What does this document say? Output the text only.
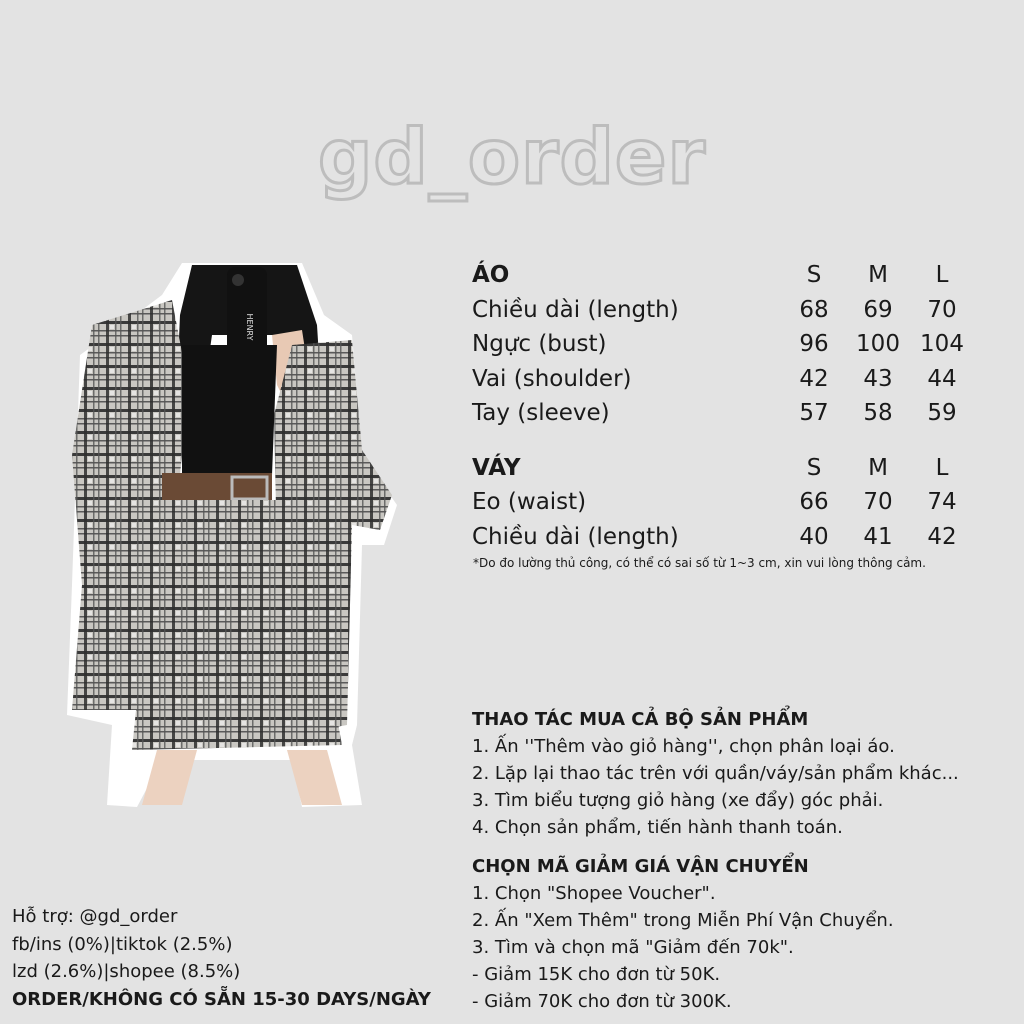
gd_order
HENRY
ÁO	S	M	L
Chiều dài (length)	68	69	70
Ngực (bust)	96	100 104
Vai (shoulder)	42	43	44
Tay (sleeve)	57	58	59
VÁY	S	M	L
Eo (waist)	66	70	74
Chiều dài (length)	40	41	42
*Do đo lường thủ công, có thể có sai số từ 1~3 cm, xin vui lòng thông cảm.
THAO TÁC MUA CẢ BỘ SẢN PHẨM
1. Ấn ''Thêm vào giỏ hàng'', chọn phân loại áo.
2. Lặp lại thao tác trên với quần/váy/sản phẩm khác...
3. Tìm biểu tượng giỏ hàng (xe đẩy) góc phải.
4. Chọn sản phẩm, tiến hành thanh toán.
CHỌN MÃ GIẢM GIÁ VẬN CHUYỂN
1. Chọn "Shopee Voucher".
2. Ấn "Xem Thêm" trong Miễn Phí Vận Chuyển.
3. Tìm và chọn mã "Giảm đến 70k".
- Giảm 15K cho đơn từ 50K.
- Giảm 70K cho đơn từ 300K.
Hỗ trợ: @gd_order
fb/ins (0%)|tiktok (2.5%)
lzd (2.6%)|shopee (8.5%)
ORDER/KHÔNG CÓ SẴN 15-30 DAYS/NGÀY
